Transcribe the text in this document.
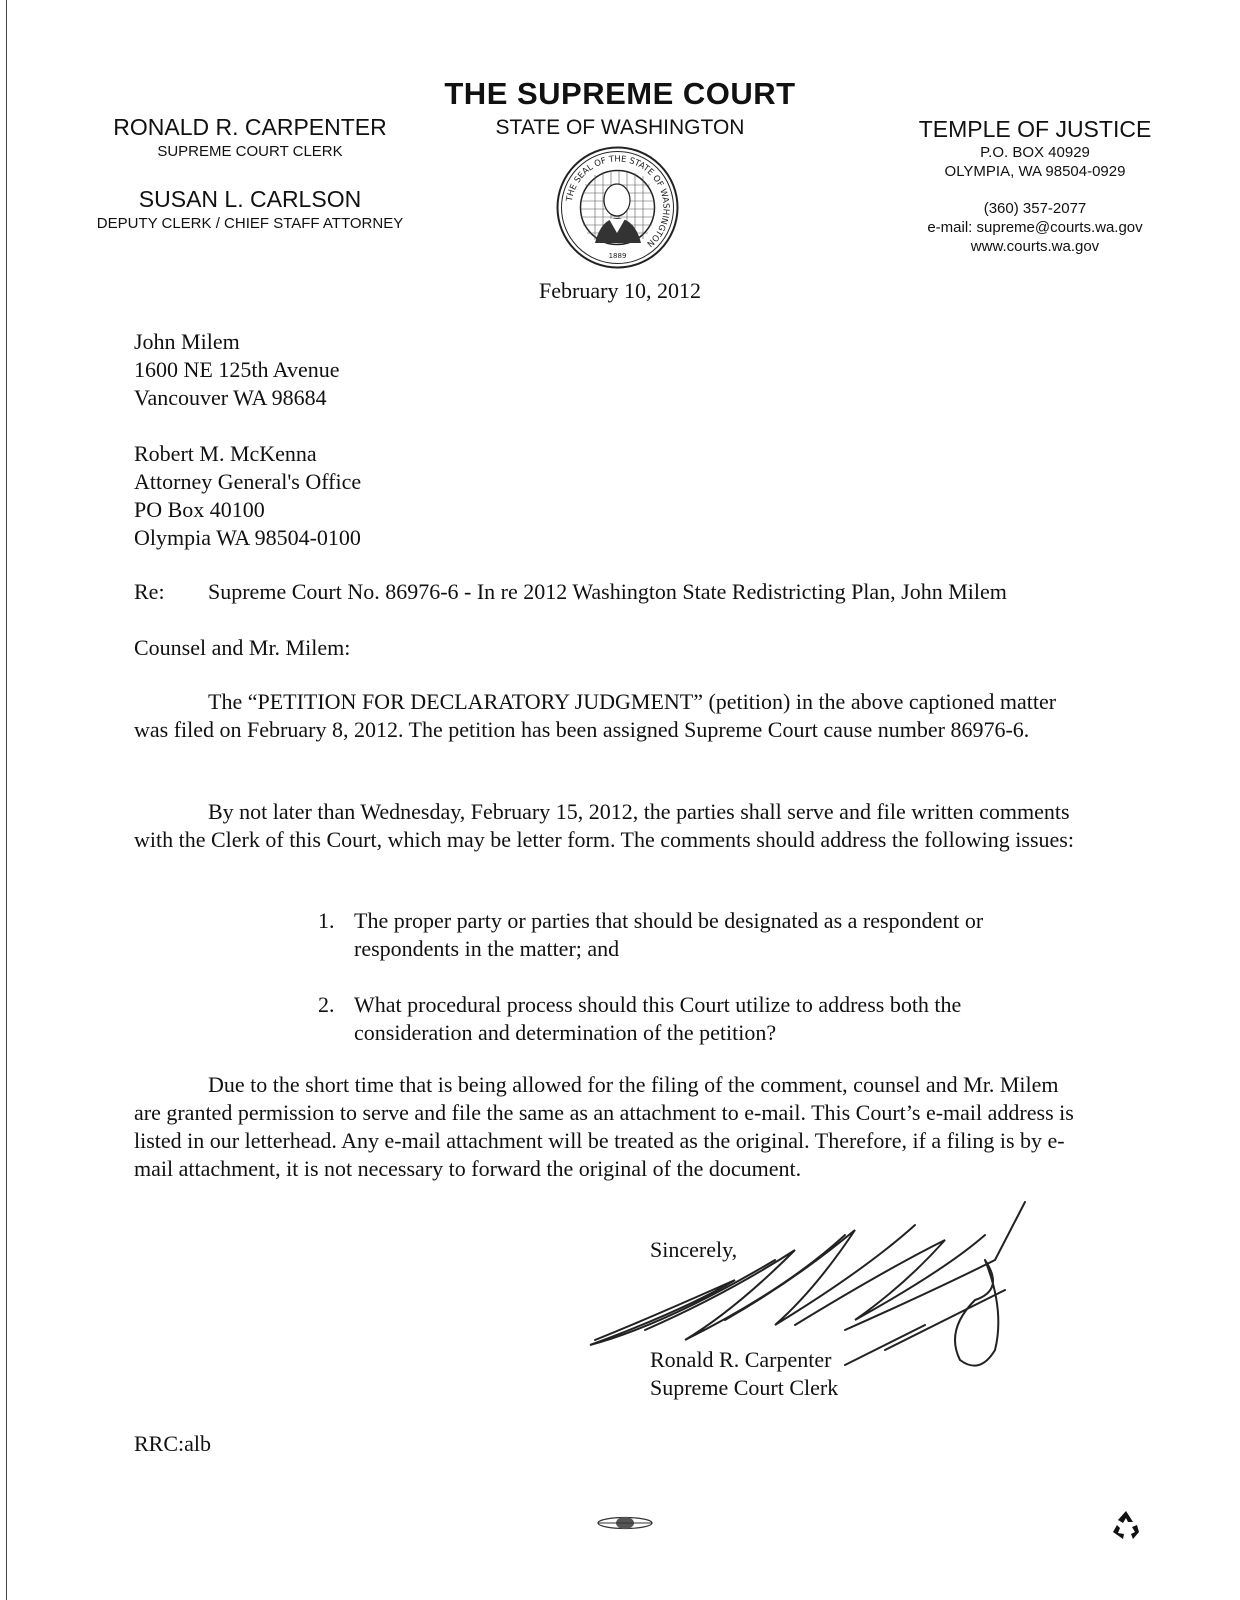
THE SUPREME COURT
STATE OF WASHINGTON
RONALD R. CARPENTER
SUPREME COURT CLERK
SUSAN L. CARLSON
DEPUTY CLERK / CHIEF STAFF ATTORNEY
TEMPLE OF JUSTICE
P.O. BOX 40929
OLYMPIA, WA 98504-0929
(360) 357-2077
e-mail: supreme@courts.wa.gov
www.courts.wa.gov
THE SEAL OF THE STATE OF WASHINGTON
1889
February 10, 2012
John Milem
1600 NE 125th Avenue
Vancouver WA 98684
Robert M. McKenna
Attorney General's Office
PO Box 40100
Olympia WA 98504-0100
Re: Supreme Court No. 86976-6 - In re 2012 Washington State Redistricting Plan, John Milem
Counsel and Mr. Milem:

The “PETITION FOR DECLARATORY JUDGMENT” (petition) in the above captioned matter was filed on February 8, 2012. The petition has been assigned Supreme Court cause number 86976-6.

By not later than Wednesday, February 15, 2012, the parties shall serve and file written comments with the Clerk of this Court, which may be letter form. The comments should address the following issues:

1. The proper party or parties that should be designated as a respondent or respondents in the matter; and
2. What procedural process should this Court utilize to address both the consideration and determination of the petition?

Due to the short time that is being allowed for the filing of the comment, counsel and Mr. Milem are granted permission to serve and file the same as an attachment to e-mail. This Court’s e-mail address is listed in our letterhead. Any e-mail attachment will be treated as the original. Therefore, if a filing is by e-mail attachment, it is not necessary to forward the original of the document.

Sincerely,
Ronald R. Carpenter
Supreme Court Clerk
RRC:alb
